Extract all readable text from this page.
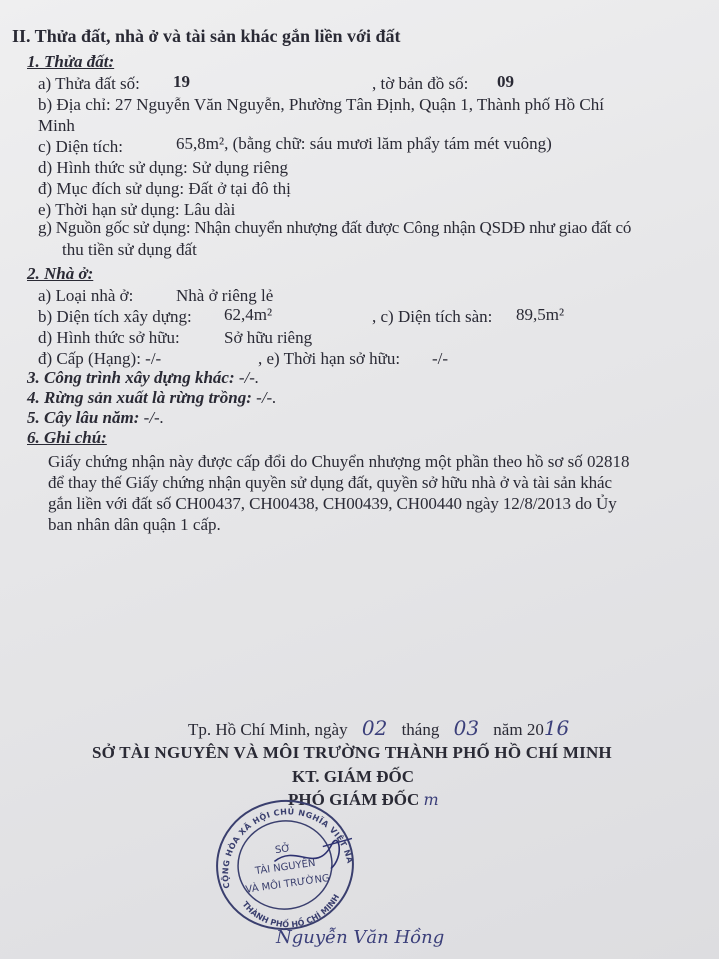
II. Thửa đất, nhà ở và tài sản khác gắn liền với đất
1. Thửa đất:
a) Thửa đất số: 19	, tờ bản đồ số: 09
b) Địa chỉ: 27 Nguyễn Văn Nguyễn, Phường Tân Định, Quận 1, Thành phố Hồ Chí
Minh
c) Diện tích:	65,8m², (bằng chữ: sáu mươi lăm phẩy tám mét vuông)
d) Hình thức sử dụng: Sử dụng riêng
đ) Mục đích sử dụng: Đất ở tại đô thị
e) Thời hạn sử dụng: Lâu dài
g) Nguồn gốc sử dụng: Nhận chuyển nhượng đất được Công nhận QSDĐ như giao đất có
thu tiền sử dụng đất
2. Nhà ở:
a) Loại nhà ở:	Nhà ở riêng lẻ
b) Diện tích xây dựng: 62,4m²	, c) Diện tích sàn: 89,5m²
d) Hình thức sở hữu:	Sở hữu riêng
đ) Cấp (Hạng): -/-	, e) Thời hạn sở hữu: -/-
3. Công trình xây dựng khác: -/-.
4. Rừng sản xuất là rừng trồng: -/-.
5. Cây lâu năm: -/-.
6. Ghi chú:
Giấy chứng nhận này được cấp đổi do Chuyển nhượng một phần theo hồ sơ số 02818
để thay thế Giấy chứng nhận quyền sử dụng đất, quyền sở hữu nhà ở và tài sản khác
gắn liền với đất số CH00437, CH00438, CH00439, CH00440 ngày 12/8/2013 do Ủy
ban nhân dân quận 1 cấp.
Tp. Hồ Chí Minh, ngày 02 tháng 03 năm 2016
SỞ TÀI NGUYÊN VÀ MÔI TRƯỜNG THÀNH PHỐ HỒ CHÍ MINH
KT. GIÁM ĐỐC
PHÓ GIÁM ĐỐC m
CỘNG HÒA XÃ HỘI CHỦ NGHĨA VIỆT NAM
THÀNH PHỐ HỒ CHÍ MINH
SỞ
TÀI NGUYÊN
VÀ MÔI TRƯỜNG
Nguyễn Văn Hồng
